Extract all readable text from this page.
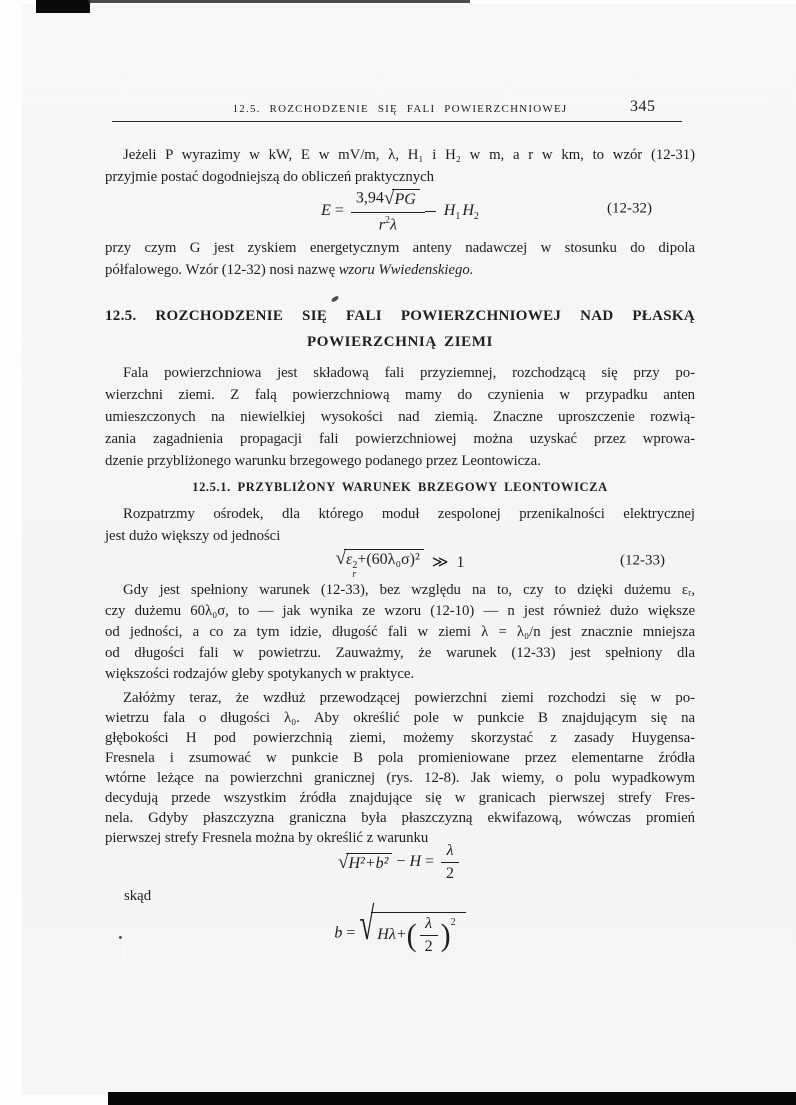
12.5. ROZCHODZENIE SIĘ FALI POWIERZCHNIOWEJ	345
Jeżeli P wyrazimy w kW, E w mV/m, λ, H₁ i H₂ w m, a r w km, to wzór (12-31)
przyjmie postać dogodniejszą do obliczeń praktycznych
$E = \frac{3,94√PG}{r^2\lambda} H_1$ $H_2$
(12-32)
przy czym G jest zyskiem energetycznym anteny nadawczej w stosunku do dipola
półfalowego. Wzór (12-32) nosi nazwę wzoru Wwiedenskiego.
12.5. ROZCHODZENIE SIĘ FALI POWIERZCHNIOWEJ NAD PŁASKĄ
POWIERZCHNIĄ ZIEMI
Fala powierzchniowa jest składową fali przyziemnej, rozchodzącą się przy po-
wierzchni ziemi. Z falą powierzchniową mamy do czynienia w przypadku anten
umieszczonych na niewielkiej wysokości nad ziemią. Znaczne uproszczenie rozwią-
zania zagadnienia propagacji fali powierzchniowej można uzyskać przez wprowa-
dzenie przybliżonego warunku brzegowego podanego przez Leontowicza.
12.5.1. PRZYBLIŻONY WARUNEK BRZEGOWY LEONTOWICZA
Rozpatrzmy ośrodek, dla którego moduł zespolonej przenikalności elektrycznej
jest dużo większy od jedności
√ε 2
r
+(60λ₀σ)² ≫ 1	(12-33)
Gdy jest spełniony warunek (12-33), bez względu na to, czy to dzięki dużemu εᵣ,
czy dużemu 60λ₀σ, to — jak wynika ze wzoru (12-10) — n jest również dużo większe
od jedności, a co za tym idzie, długość fali w ziemi λ = λ₀/n jest znacznie mniejsza
od długości fali w powietrzu. Zauważmy, że warunek (12-33) jest spełniony dla
większości rodzajów gleby spotykanych w praktyce.
Załóżmy teraz, że wzdłuż przewodzącej powierzchni ziemi rozchodzi się w po-
wietrzu fala o długości λ₀. Aby określić pole w punkcie B znajdującym się na
głębokości H pod powierzchnią ziemi, możemy skorzystać z zasady Huygensa-
Fresnela i zsumować w punkcie B pola promieniowane przez elementarne źródła
wtórne leżące na powierzchni granicznej (rys. 12-8). Jak wiemy, o polu wypadkowym
decydują przede wszystkim źródła znajdujące się w granicach pierwszej strefy Fres-
nela. Gdyby płaszczyzna graniczna była płaszczyzną ekwifazową, wówczas promień
pierwszej strefy Fresnela można by określić z warunku
$√H^2+b^2 - H = \frac{\lambda}{2}$
skąd
b = √ $H\lambda+( \frac{\lambda}{2} )^2$
